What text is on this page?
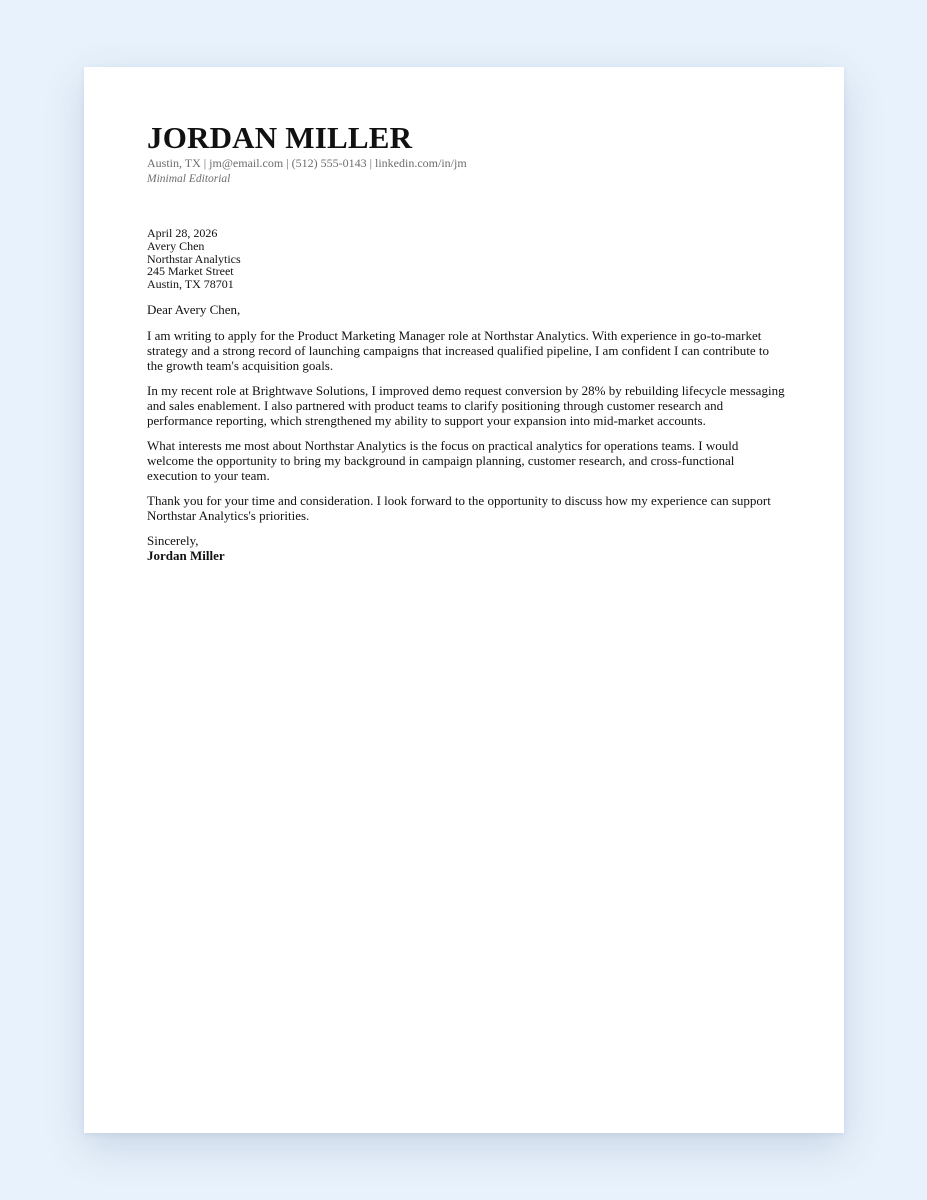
JORDAN MILLER
Austin, TX | jm@email.com | (512) 555-0143 | linkedin.com/in/jm
Minimal Editorial
April 28, 2026
Avery Chen
Northstar Analytics
245 Market Street
Austin, TX 78701
Dear Avery Chen,

I am writing to apply for the Product Marketing Manager role at Northstar Analytics. With experience in go-to-market strategy and a strong record of launching campaigns that increased qualified pipeline, I am confident I can contribute to the growth team's acquisition goals.

In my recent role at Brightwave Solutions, I improved demo request conversion by 28% by rebuilding lifecycle messaging and sales enablement. I also partnered with product teams to clarify positioning through customer research and performance reporting, which strengthened my ability to support your expansion into mid-market accounts.

What interests me most about Northstar Analytics is the focus on practical analytics for operations teams. I would welcome the opportunity to bring my background in campaign planning, customer research, and cross-functional execution to your team.

Thank you for your time and consideration. I look forward to the opportunity to discuss how my experience can support Northstar Analytics's priorities.

Sincerely,
Jordan Miller
